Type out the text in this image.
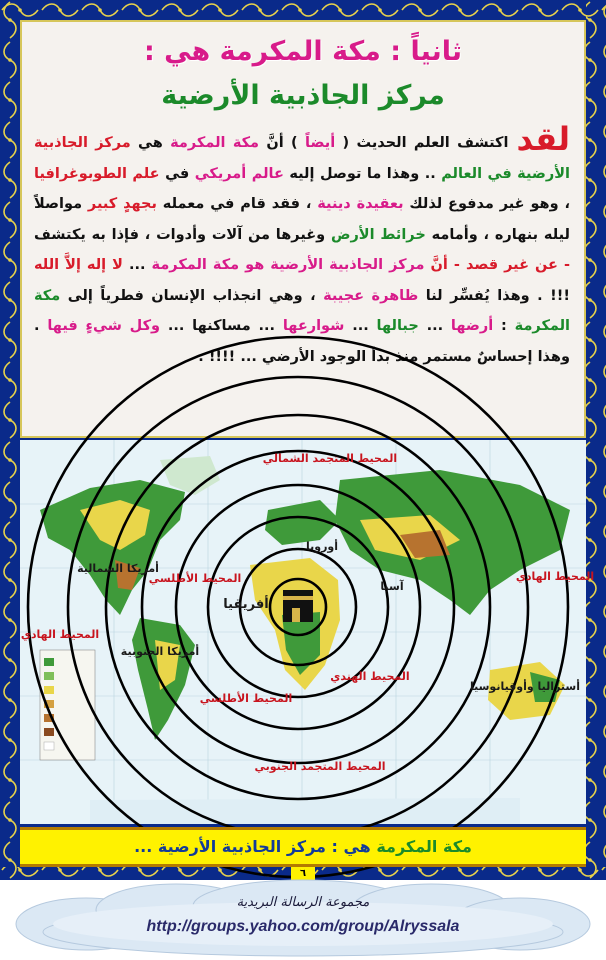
ثانياً : مكة المكرمة هي :
مركز الجاذبية الأرضية
لقداكتشف العلم الحديث ( أيضاً ) أنَّ مكة المكرمة هي مركز الجاذبية الأرضية في العالم .. وهذا ما توصل إليه عالم أمريكي في علم الطوبوغرافيا ، وهو غير مدفوع لذلك بعقيدة دينية ، فقد قام في معمله بجهدٍ كبير مواصلاً ليله بنهاره ، وأمامه خرائط الأرض وغيرها من آلات وأدوات ، فإذا به يكتشف - عن غير قصد - أنَّ مركز الجاذبية الأرضية هو مكة المكرمة ... لا إله إلاَّ الله !!! . وهذا يُفسِّر لنا ظاهرة عجيبة ، وهي انجذاب الإنسان فطرياً إلى مكة المكرمة : أرضها ... جبالها ... شوارعها ... مساكنها ... وكل شيءٍ فيها . وهذا إحساسٌ مستمر منذ بدأ الوجود الأرضي ... !!!! .
المحيط المتجمد الشمالي
أوروبا
أفريقيا
آسيا
أمريكا الشمالية
أمريكا الجنوبية
المحيط الهادي
المحيط الهادي
المحيط الأطلسي
المحيط الأطلسي
المحيط الهندي
المحيط المتجمد الجنوبي
أستراليا وأوقيانوسيا
مكة المكرمة هي : مركز الجاذبية الأرضية ...
٦
مجموعة الرسالة البريدية
http://groups.yahoo.com/group/Alryssala
